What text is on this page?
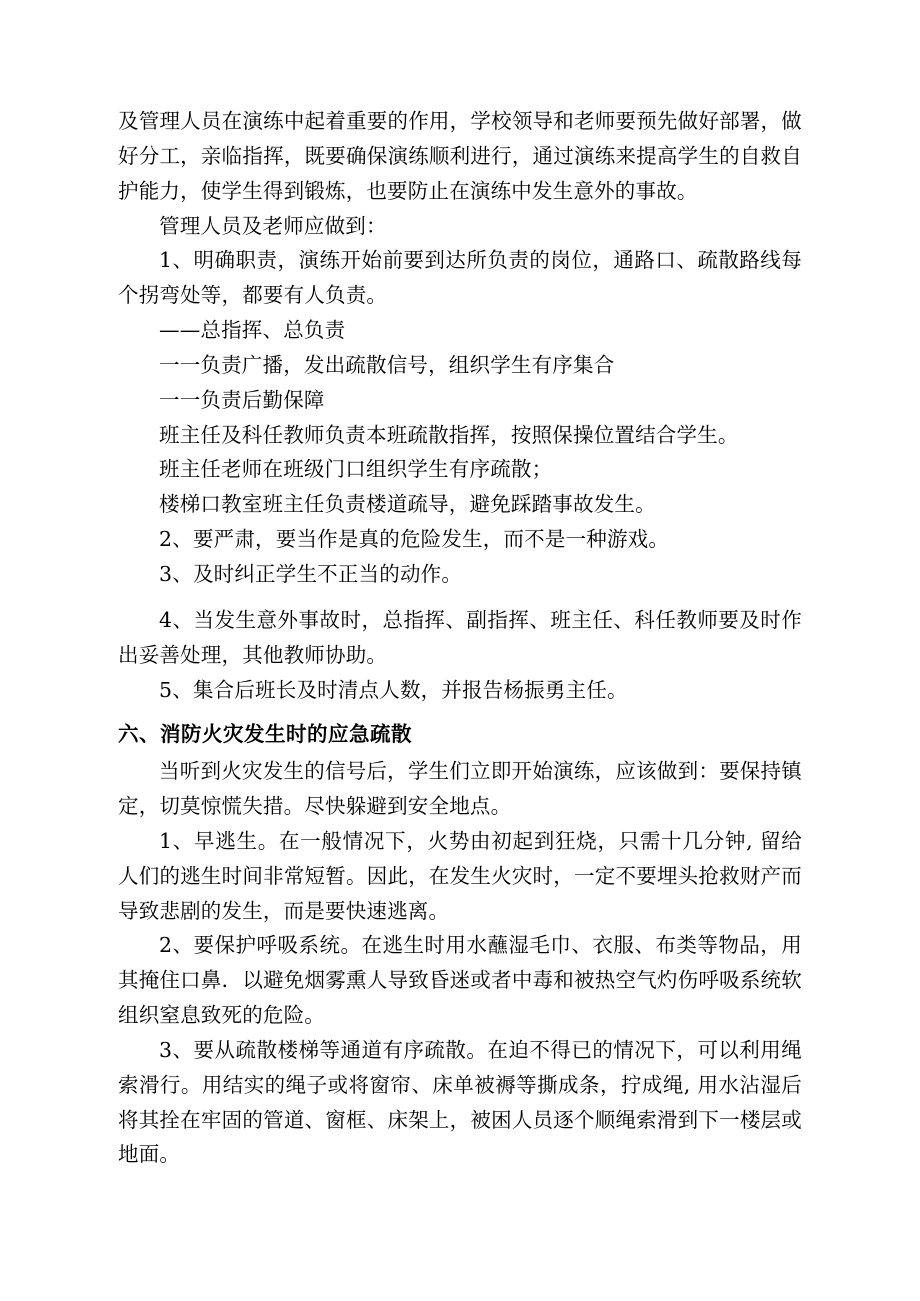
及管理人员在演练中起着重要的作用，学校领导和老师要预先做好部署，做好分工，亲临指挥，既要确保演练顺利进行，通过演练来提高学生的自救自护能力，使学生得到锻炼，也要防止在演练中发生意外的事故。

管理人员及老师应做到：

1、明确职责，演练开始前要到达所负责的岗位，通路口、疏散路线每个拐弯处等，都要有人负责。

——总指挥、总负责

一一负责广播，发出疏散信号，组织学生有序集合

一一负责后勤保障

班主任及科任教师负责本班疏散指挥，按照保操位置结合学生。

班主任老师在班级门口组织学生有序疏散；

楼梯口教室班主任负责楼道疏导，避免踩踏事故发生。

2、要严肃，要当作是真的危险发生，而不是一种游戏。

3、及时纠正学生不正当的动作。

4、当发生意外事故时，总指挥、副指挥、班主任、科任教师要及时作出妥善处理，其他教师协助。

5、集合后班长及时清点人数，并报告杨振勇主任。

六、消防火灾发生时的应急疏散

当听到火灾发生的信号后，学生们立即开始演练，应该做到：要保持镇定，切莫惊慌失措。尽快躲避到安全地点。

1、早逃生。在一般情况下，火势由初起到狂烧，只需十几分钟, 留给人们的逃生时间非常短暂。因此，在发生火灾时，一定不要埋头抢救财产而导致悲剧的发生，而是要快速逃离。

2、要保护呼吸系统。在逃生时用水蘸湿毛巾、衣服、布类等物品，用其掩住口鼻．以避免烟雾熏人导致昏迷或者中毒和被热空气灼伤呼吸系统软组织窒息致死的危险。

3、要从疏散楼梯等通道有序疏散。在迫不得已的情况下，可以利用绳索滑行。用结实的绳子或将窗帘、床单被褥等撕成条，拧成绳, 用水沾湿后将其拴在牢固的管道、窗框、床架上，被困人员逐个顺绳索滑到下一楼层或地面。
